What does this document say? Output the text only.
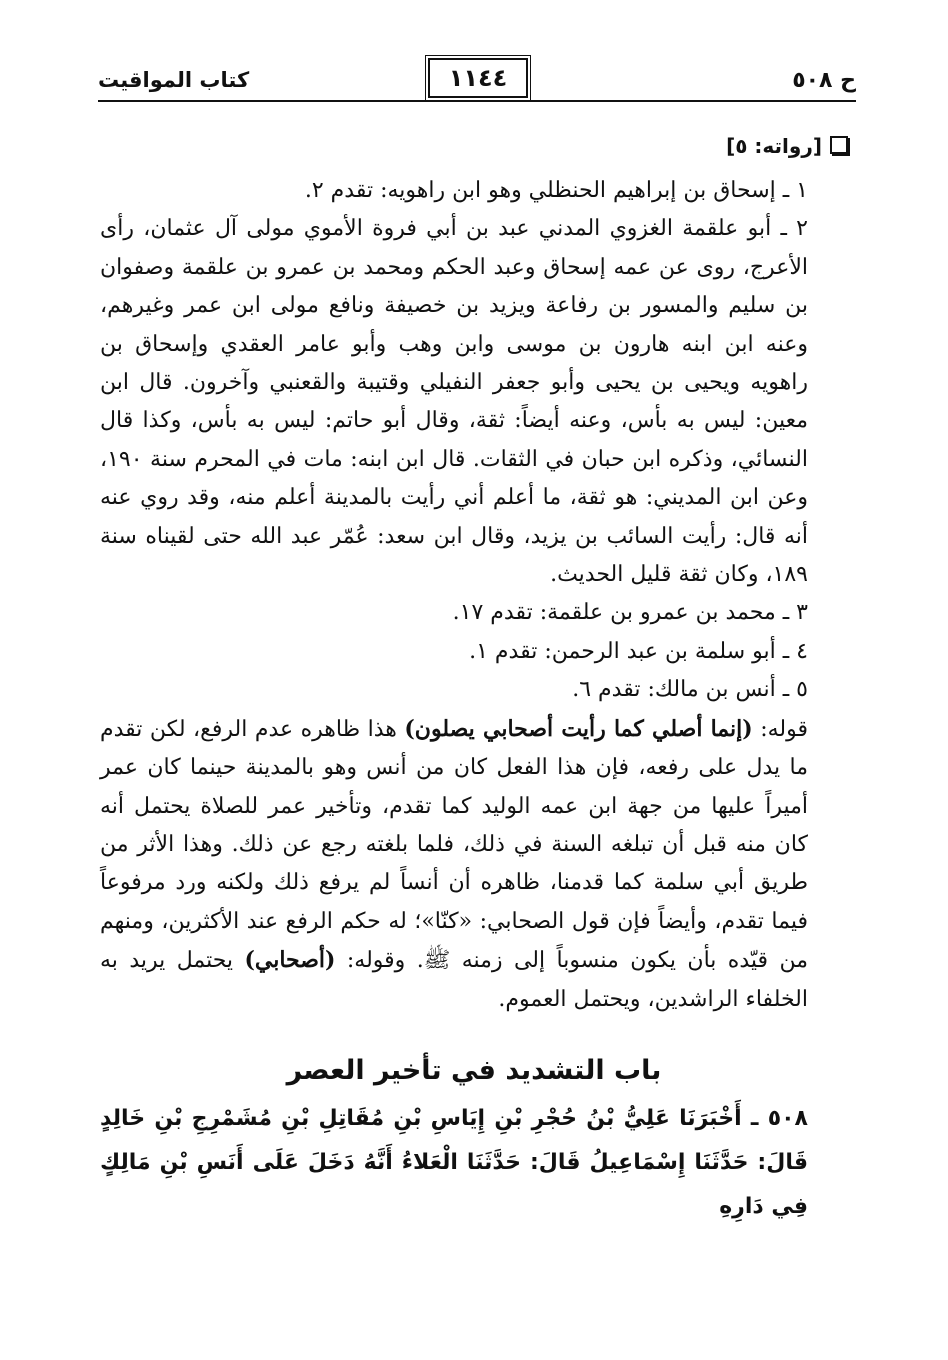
ح ٥٠٨
١١٤٤
كتاب المواقيت

[رواته: ٥]

١ ـ إسحاق بن إبراهيم الحنظلي وهو ابن راهويه: تقدم ٢.

٢ ـ أبو علقمة الغزوي المدني عبد بن أبي فروة الأموي مولى آل عثمان، رأى الأعرج، روى عن عمه إسحاق وعبد الحكم ومحمد بن عمرو بن علقمة وصفوان بن سليم والمسور بن رفاعة ويزيد بن خصيفة ونافع مولى ابن عمر وغيرهم، وعنه ابن ابنه هارون بن موسى وابن وهب وأبو عامر العقدي وإسحاق بن راهويه ويحيى بن يحيى وأبو جعفر النفيلي وقتيبة والقعنبي وآخرون. قال ابن معين: ليس به بأس، وعنه أيضاً: ثقة، وقال أبو حاتم: ليس به بأس، وكذا قال النسائي، وذكره ابن حبان في الثقات. قال ابن ابنه: مات في المحرم سنة ١٩٠، وعن ابن المديني: هو ثقة، ما أعلم أني رأيت بالمدينة أعلم منه، وقد روي عنه أنه قال: رأيت السائب بن يزيد، وقال ابن سعد: عُمّر عبد الله حتى لقيناه سنة ١٨٩، وكان ثقة قليل الحديث.

٣ ـ محمد بن عمرو بن علقمة: تقدم ١٧.

٤ ـ أبو سلمة بن عبد الرحمن: تقدم ١.

٥ ـ أنس بن مالك: تقدم ٦.

قوله: (إنما أصلي كما رأيت أصحابي يصلون) هذا ظاهره عدم الرفع، لكن تقدم ما يدل على رفعه، فإن هذا الفعل كان من أنس وهو بالمدينة حينما كان عمر أميراً عليها من جهة ابن عمه الوليد كما تقدم، وتأخير عمر للصلاة يحتمل أنه كان منه قبل أن تبلغه السنة في ذلك، فلما بلغته رجع عن ذلك. وهذا الأثر من طريق أبي سلمة كما قدمنا، ظاهره أن أنساً لم يرفع ذلك ولكنه ورد مرفوعاً فيما تقدم، وأيضاً فإن قول الصحابي: «كنّا»؛ له حكم الرفع عند الأكثرين، ومنهم من قيّده بأن يكون منسوباً إلى زمنه ﷺ. وقوله: (أصحابي) يحتمل يريد به الخلفاء الراشدين، ويحتمل العموم.

باب التشديد في تأخير العصر

٥٠٨ ـ أَخْبَرَنَا عَلِيُّ بْنُ حُجْرِ بْنِ إِيَاسِ بْنِ مُقَاتِلِ بْنِ مُشَمْرِجِ بْنِ خَالِدٍ قَالَ: حَدَّثَنَا إِسْمَاعِيلُ قَالَ: حَدَّثَنَا الْعَلاءُ أَنَّهُ دَخَلَ عَلَى أَنَسِ بْنِ مَالِكٍ فِي دَارِهِ
